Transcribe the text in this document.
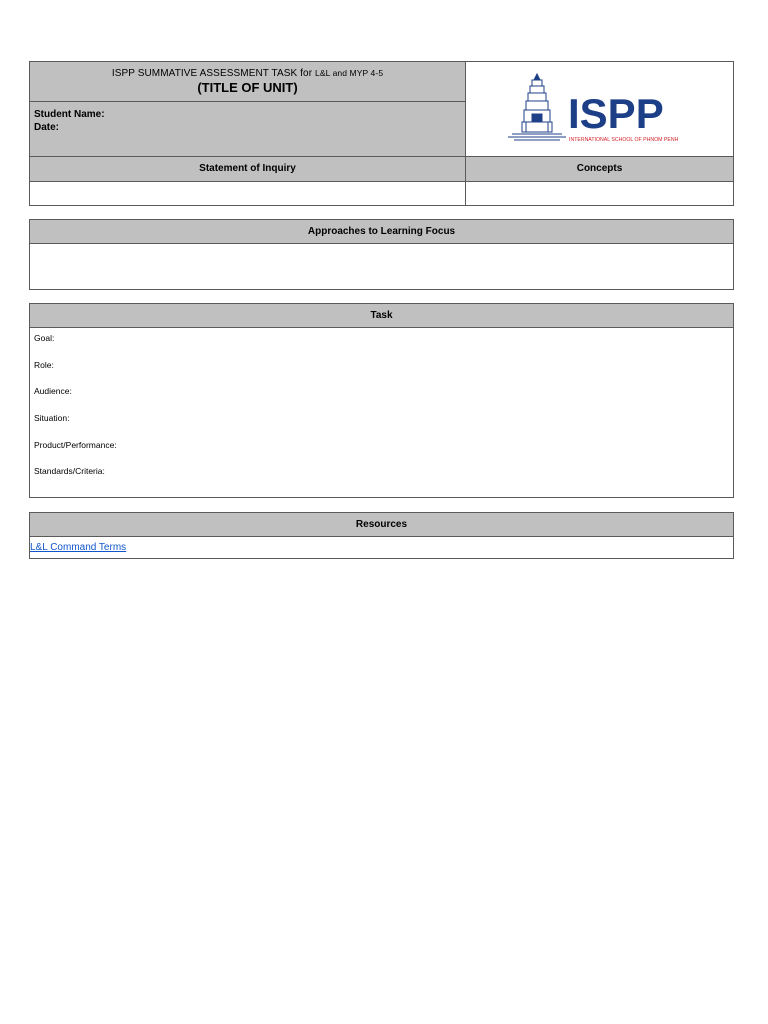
ISPP SUMMATIVE ASSESSMENT TASK for L&L and MYP 4-5
(TITLE OF UNIT)
Student Name:
Date:	ISPP
INTERNATIONAL SCHOOL OF PHNOM PENH
Statement of Inquiry	Concepts
Approaches to Learning Focus
Task
Goal:
Role:
Audience:
Situation:
Product/Performance:
Standards/Criteria:
Resources
L&L Command Terms
